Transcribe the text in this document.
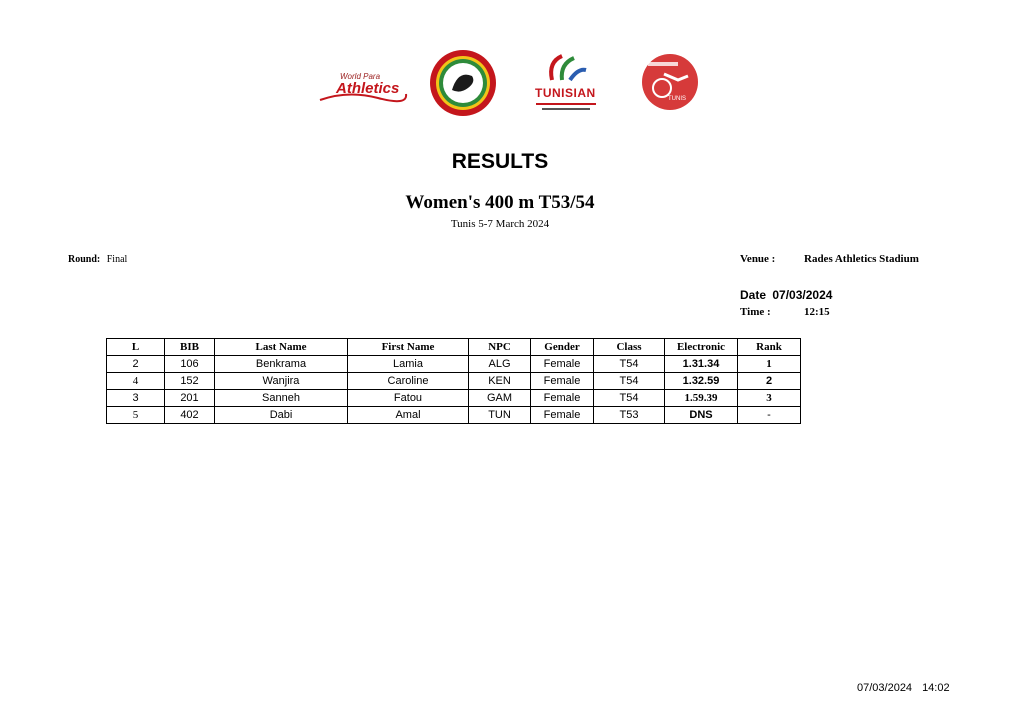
World Para
Athletics	TUNISIAN	TUNIS
RESULTS
Women's 400 m T53/54
Tunis 5-7 March 2024
Round: Final	Venue :	Rades Athletics Stadium
Date 07/03/2024
Time :	12:15
L	BIB	Last Name	First Name	NPC	Gender	Class	Electronic	Rank
2	106	Benkrama	Lamia	ALG	Female	T54	1.31.34	1
4	152	Wanjira	Caroline	KEN	Female	T54	1.32.59	2
3	201	Sanneh	Fatou	GAM	Female	T54	1.59.39	3
5	402	Dabi	Amal	TUN	Female	T53	DNS	-
07/03/2024 14:02
